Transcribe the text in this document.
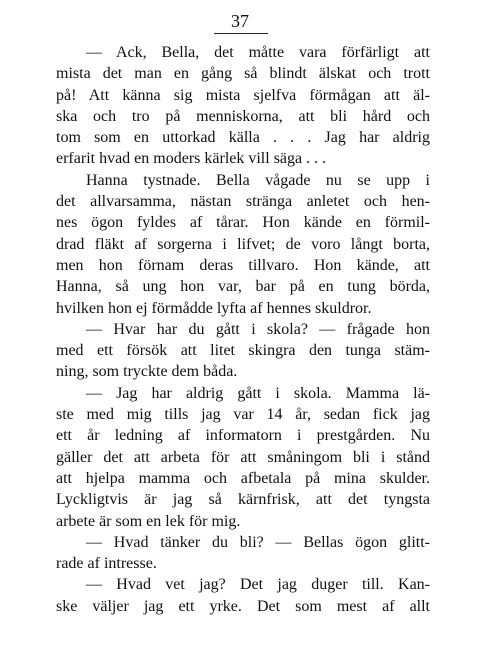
37
— Ack, Bella, det måtte vara förfärligt att
mista det man en gång så blindt älskat och trott
på! Att känna sig mista sjelfva förmågan att äl-
ska och tro på menniskorna, att bli hård och
tom som en uttorkad källa . . . Jag har aldrig
erfarit hvad en moders kärlek vill säga . . .
Hanna tystnade. Bella vågade nu se upp i
det allvarsamma, nästan stränga anletet och hen-
nes ögon fyldes af tårar. Hon kände en förmil-
drad fläkt af sorgerna i lifvet; de voro långt borta,
men hon förnam deras tillvaro. Hon kände, att
Hanna, så ung hon var, bar på en tung börda,
hvilken hon ej förmådde lyfta af hennes skuldror.
— Hvar har du gått i skola? — frågade hon
med ett försök att litet skingra den tunga stäm-
ning, som tryckte dem båda.
— Jag har aldrig gått i skola. Mamma lä-
ste med mig tills jag var 14 år, sedan fick jag
ett år ledning af informatorn i prestgården. Nu
gäller det att arbeta för att småningom bli i stånd
att hjelpa mamma och afbetala på mina skulder.
Lyckligtvis är jag så kärnfrisk, att det tyngsta
arbete är som en lek för mig.
— Hvad tänker du bli? — Bellas ögon glitt-
rade af intresse.
— Hvad vet jag? Det jag duger till. Kan-
ske väljer jag ett yrke. Det som mest af allt
